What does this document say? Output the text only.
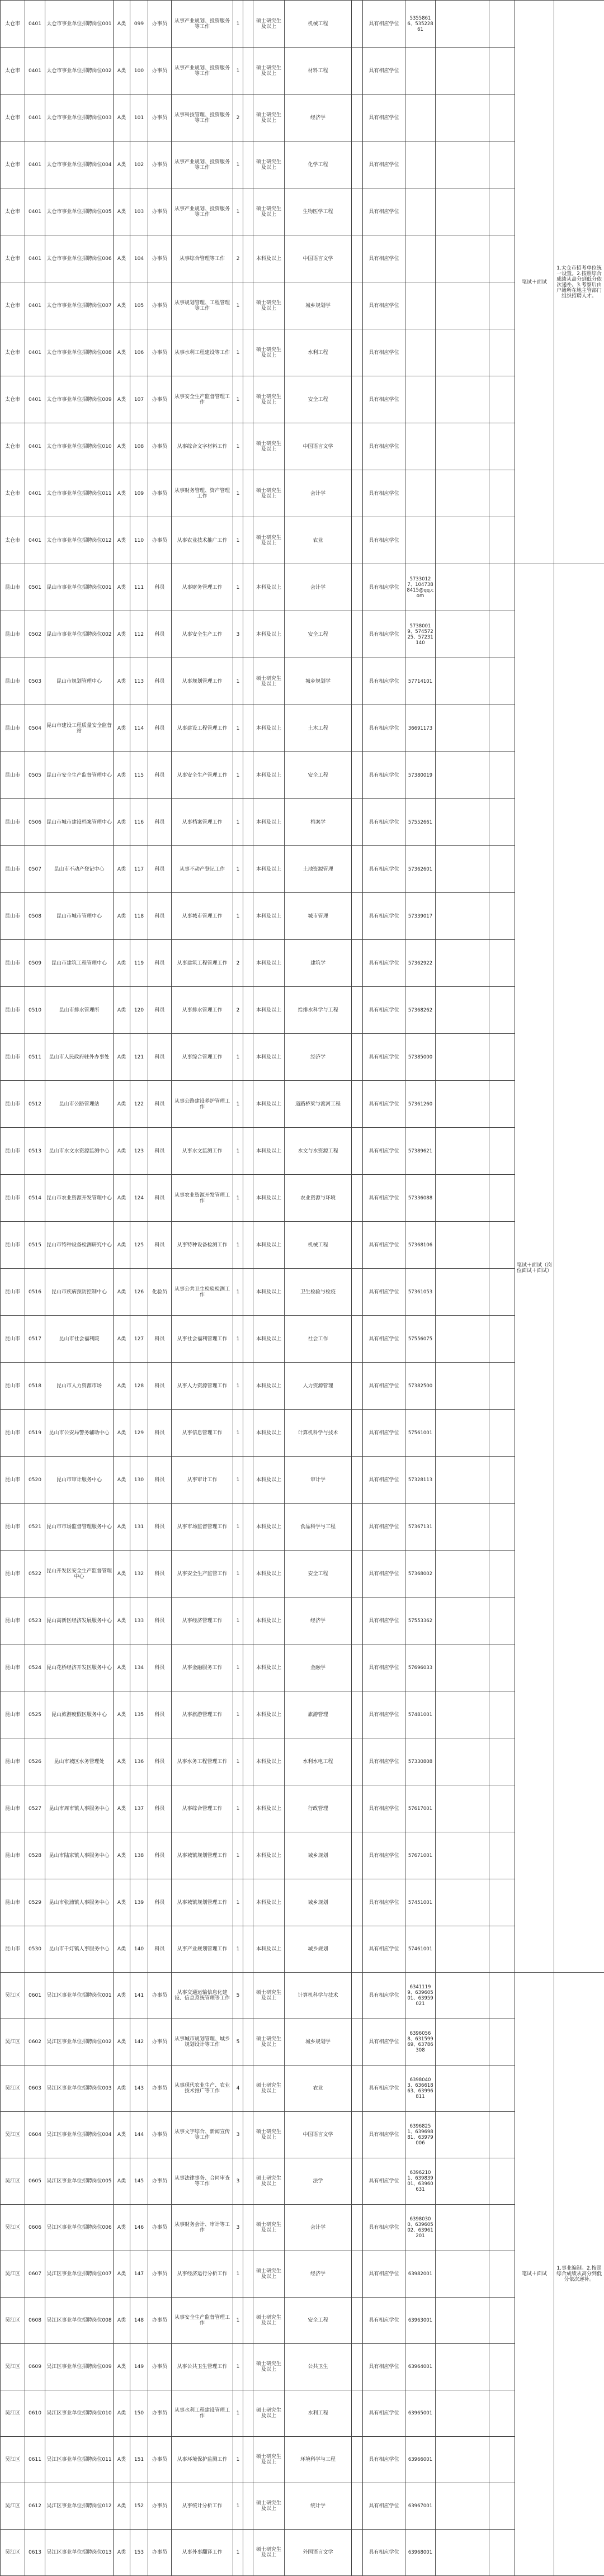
太仓市	0401	太仓市事业单位招聘岗位001	A类	099	办事员	从事产业规划、投资服务等工作	1		硕士研究生及以上	机械工程		具有相应学位	53558616、53522861			笔试＋面试	1.太仓市招考单位统一设置。2.按照综合成绩从高分到低分依次递补。3.考察后由户籍所在地主管部门组织招聘人才。
太仓市	0401	太仓市事业单位招聘岗位002	A类	100	办事员	从事产业规划、投资服务等工作	1		硕士研究生及以上	材料工程		具有相应学位					
太仓市	0401	太仓市事业单位招聘岗位003	A类	101	办事员	从事科技管理、投资服务等工作	2		硕士研究生及以上	经济学		具有相应学位					
太仓市	0401	太仓市事业单位招聘岗位004	A类	102	办事员	从事产业规划、投资服务等工作	1		硕士研究生及以上	化学工程		具有相应学位					
太仓市	0401	太仓市事业单位招聘岗位005	A类	103	办事员	从事产业规划、投资服务等工作	1		硕士研究生及以上	生物医学工程		具有相应学位					
太仓市	0401	太仓市事业单位招聘岗位006	A类	104	办事员	从事综合管理等工作	2		本科及以上	中国语言文学		具有相应学位					
太仓市	0401	太仓市事业单位招聘岗位007	A类	105	办事员	从事规划管理、工程管理等工作	1		硕士研究生及以上	城乡规划学		具有相应学位					
太仓市	0401	太仓市事业单位招聘岗位008	A类	106	办事员	从事水利工程建设等工作	1		硕士研究生及以上	水利工程		具有相应学位					
太仓市	0401	太仓市事业单位招聘岗位009	A类	107	办事员	从事安全生产监督管理工作	1		硕士研究生及以上	安全工程		具有相应学位					
太仓市	0401	太仓市事业单位招聘岗位010	A类	108	办事员	从事综合文字材料工作	1		硕士研究生及以上	中国语言文学		具有相应学位					
太仓市	0401	太仓市事业单位招聘岗位011	A类	109	办事员	从事财务管理、资产管理工作	1		硕士研究生及以上	会计学		具有相应学位					
太仓市	0401	太仓市事业单位招聘岗位012	A类	110	办事员	从事农业技术推广工作	1		硕士研究生及以上	农业		具有相应学位					
昆山市	0501	昆山市事业单位招聘岗位001	A类	111	科员	从事财务管理工作	1		本科及以上	会计学		具有相应学位	57330127、1047388415@qq.com			笔试＋面试（岗位面试＋面试）	
昆山市	0502	昆山市事业单位招聘岗位002	A类	112	科员	从事安全生产工作	3		本科及以上	安全工程		具有相应学位	57380019、57457225、57231140				
昆山市	0503	昆山市规划管理中心	A类	113	科员	从事规划管理工作	1		硕士研究生及以上	城乡规划学		具有相应学位	57714101				
昆山市	0504	昆山市建设工程质量安全监督站	A类	114	科员	从事建设工程管理工作	1		本科及以上	土木工程		具有相应学位	36691173				
昆山市	0505	昆山市安全生产监督管理中心	A类	115	科员	从事安全生产管理工作	1		本科及以上	安全工程		具有相应学位	57380019				
昆山市	0506	昆山市城市建设档案管理中心	A类	116	科员	从事档案管理工作	1		本科及以上	档案学		具有相应学位	57552661				
昆山市	0507	昆山市不动产登记中心	A类	117	科员	从事不动产登记工作	1		本科及以上	土地资源管理		具有相应学位	57362601				
昆山市	0508	昆山市城市管理中心	A类	118	科员	从事城市管理工作	1		本科及以上	城市管理		具有相应学位	57339017				
昆山市	0509	昆山市建筑工程管理中心	A类	119	科员	从事建筑工程管理工作	2		本科及以上	建筑学		具有相应学位	57362922				
昆山市	0510	昆山市排水管理所	A类	120	科员	从事排水管理工作	2		本科及以上	给排水科学与工程		具有相应学位	57368262				
昆山市	0511	昆山市人民政府驻外办事处	A类	121	科员	从事综合管理工作	1		本科及以上	经济学		具有相应学位	57385000				
昆山市	0512	昆山市公路管理站	A类	122	科员	从事公路建设养护管理工作	1		本科及以上	道路桥梁与渡河工程		具有相应学位	57361260				
昆山市	0513	昆山市水文水资源监测中心	A类	123	科员	从事水文监测工作	1		本科及以上	水文与水资源工程		具有相应学位	57389621				
昆山市	0514	昆山市农业资源开发管理中心	A类	124	科员	从事农业资源开发管理工作	1		本科及以上	农业资源与环境		具有相应学位	57336088				
昆山市	0515	昆山市特种设备检测研究中心	A类	125	科员	从事特种设备检测工作	1		本科及以上	机械工程		具有相应学位	57368106				
昆山市	0516	昆山市疾病预防控制中心	A类	126	化验员	从事公共卫生检验检测工作	1		本科及以上	卫生检验与检疫		具有相应学位	57361053				
昆山市	0517	昆山市社会福利院	A类	127	科员	从事社会福利管理工作	1		本科及以上	社会工作		具有相应学位	57556075				
昆山市	0518	昆山市人力资源市场	A类	128	科员	从事人力资源管理工作	1		本科及以上	人力资源管理		具有相应学位	57382500				
昆山市	0519	昆山市公安局警务辅助中心	A类	129	科员	从事信息管理工作	1		本科及以上	计算机科学与技术		具有相应学位	57561001				
昆山市	0520	昆山市审计服务中心	A类	130	科员	从事审计工作	1		本科及以上	审计学		具有相应学位	57328113				
昆山市	0521	昆山市市场监督管理服务中心	A类	131	科员	从事市场监督管理工作	1		本科及以上	食品科学与工程		具有相应学位	57367131				
昆山市	0522	昆山开发区安全生产监督管理中心	A类	132	科员	从事安全生产监管工作	1		本科及以上	安全工程		具有相应学位	57368002				
昆山市	0523	昆山高新区经济发展服务中心	A类	133	科员	从事经济管理工作	1		本科及以上	经济学		具有相应学位	57553362				
昆山市	0524	昆山花桥经济开发区服务中心	A类	134	科员	从事金融服务工作	1		本科及以上	金融学		具有相应学位	57696033				
昆山市	0525	昆山旅游度假区服务中心	A类	135	科员	从事旅游管理工作	1		本科及以上	旅游管理		具有相应学位	57481001				
昆山市	0526	昆山市城区水务管理处	A类	136	科员	从事水务工程管理工作	1		本科及以上	水利水电工程		具有相应学位	57330808				
昆山市	0527	昆山市周市镇人事服务中心	A类	137	科员	从事综合管理工作	1		本科及以上	行政管理		具有相应学位	57617001				
昆山市	0528	昆山市陆家镇人事服务中心	A类	138	科员	从事城镇规划管理工作	1		本科及以上	城乡规划		具有相应学位	57671001				
昆山市	0529	昆山市张浦镇人事服务中心	A类	139	科员	从事城镇规划管理工作	1		本科及以上	城乡规划		具有相应学位	57451001				
昆山市	0530	昆山市千灯镇人事服务中心	A类	140	科员	从事产业规划管理工作	1		本科及以上	城乡规划		具有相应学位	57461001				
吴江区	0601	吴江区事业单位招聘岗位001	A类	141	办事员	从事交通运输信息化建设、信息系统管理等工作	5		硕士研究生及以上	计算机科学与技术		具有相应学位	63411199、63960501、63959021			笔试＋面试	1.事业编制。2.按照综合成绩从高分到低分依次递补。
吴江区	0602	吴江区事业单位招聘岗位002	A类	142	办事员	从事城市规划管理、城乡规划设计等工作	5		硕士研究生及以上	城乡规划学		具有相应学位	63960568、63159969、63786308				
吴江区	0603	吴江区事业单位招聘岗位003	A类	143	办事员	从事现代农业生产、农业技术推广等工作	4		硕士研究生及以上	农业		具有相应学位	63980403、63661863、63996811				
吴江区	0604	吴江区事业单位招聘岗位004	A类	144	办事员	从事文字综合、新闻宣传等工作	3		硕士研究生及以上	中国语言文学		具有相应学位	63968251、63969881、63979006				
吴江区	0605	吴江区事业单位招聘岗位005	A类	145	办事员	从事法律事务、合同审查等工作	3		硕士研究生及以上	法学		具有相应学位	63962101、63983901、63960631				
吴江区	0606	吴江区事业单位招聘岗位006	A类	146	办事员	从事财务会计、审计等工作	3		硕士研究生及以上	会计学		具有相应学位	63980300、63960502、63961201				
吴江区	0607	吴江区事业单位招聘岗位007	A类	147	办事员	从事经济运行分析工作	1		硕士研究生及以上	经济学		具有相应学位	63982001				
吴江区	0608	吴江区事业单位招聘岗位008	A类	148	办事员	从事安全生产监督管理工作	1		硕士研究生及以上	安全工程		具有相应学位	63963001				
吴江区	0609	吴江区事业单位招聘岗位009	A类	149	办事员	从事公共卫生管理工作	1		硕士研究生及以上	公共卫生		具有相应学位	63964001				
吴江区	0610	吴江区事业单位招聘岗位010	A类	150	办事员	从事水利工程建设管理工作	1		硕士研究生及以上	水利工程		具有相应学位	63965001				
吴江区	0611	吴江区事业单位招聘岗位011	A类	151	办事员	从事环境保护监测工作	1		硕士研究生及以上	环境科学与工程		具有相应学位	63966001				
吴江区	0612	吴江区事业单位招聘岗位012	A类	152	办事员	从事统计分析工作	1		硕士研究生及以上	统计学		具有相应学位	63967001				
吴江区	0613	吴江区事业单位招聘岗位013	A类	153	办事员	从事外事翻译工作	1		硕士研究生及以上	外国语言文学		具有相应学位	63968001				
